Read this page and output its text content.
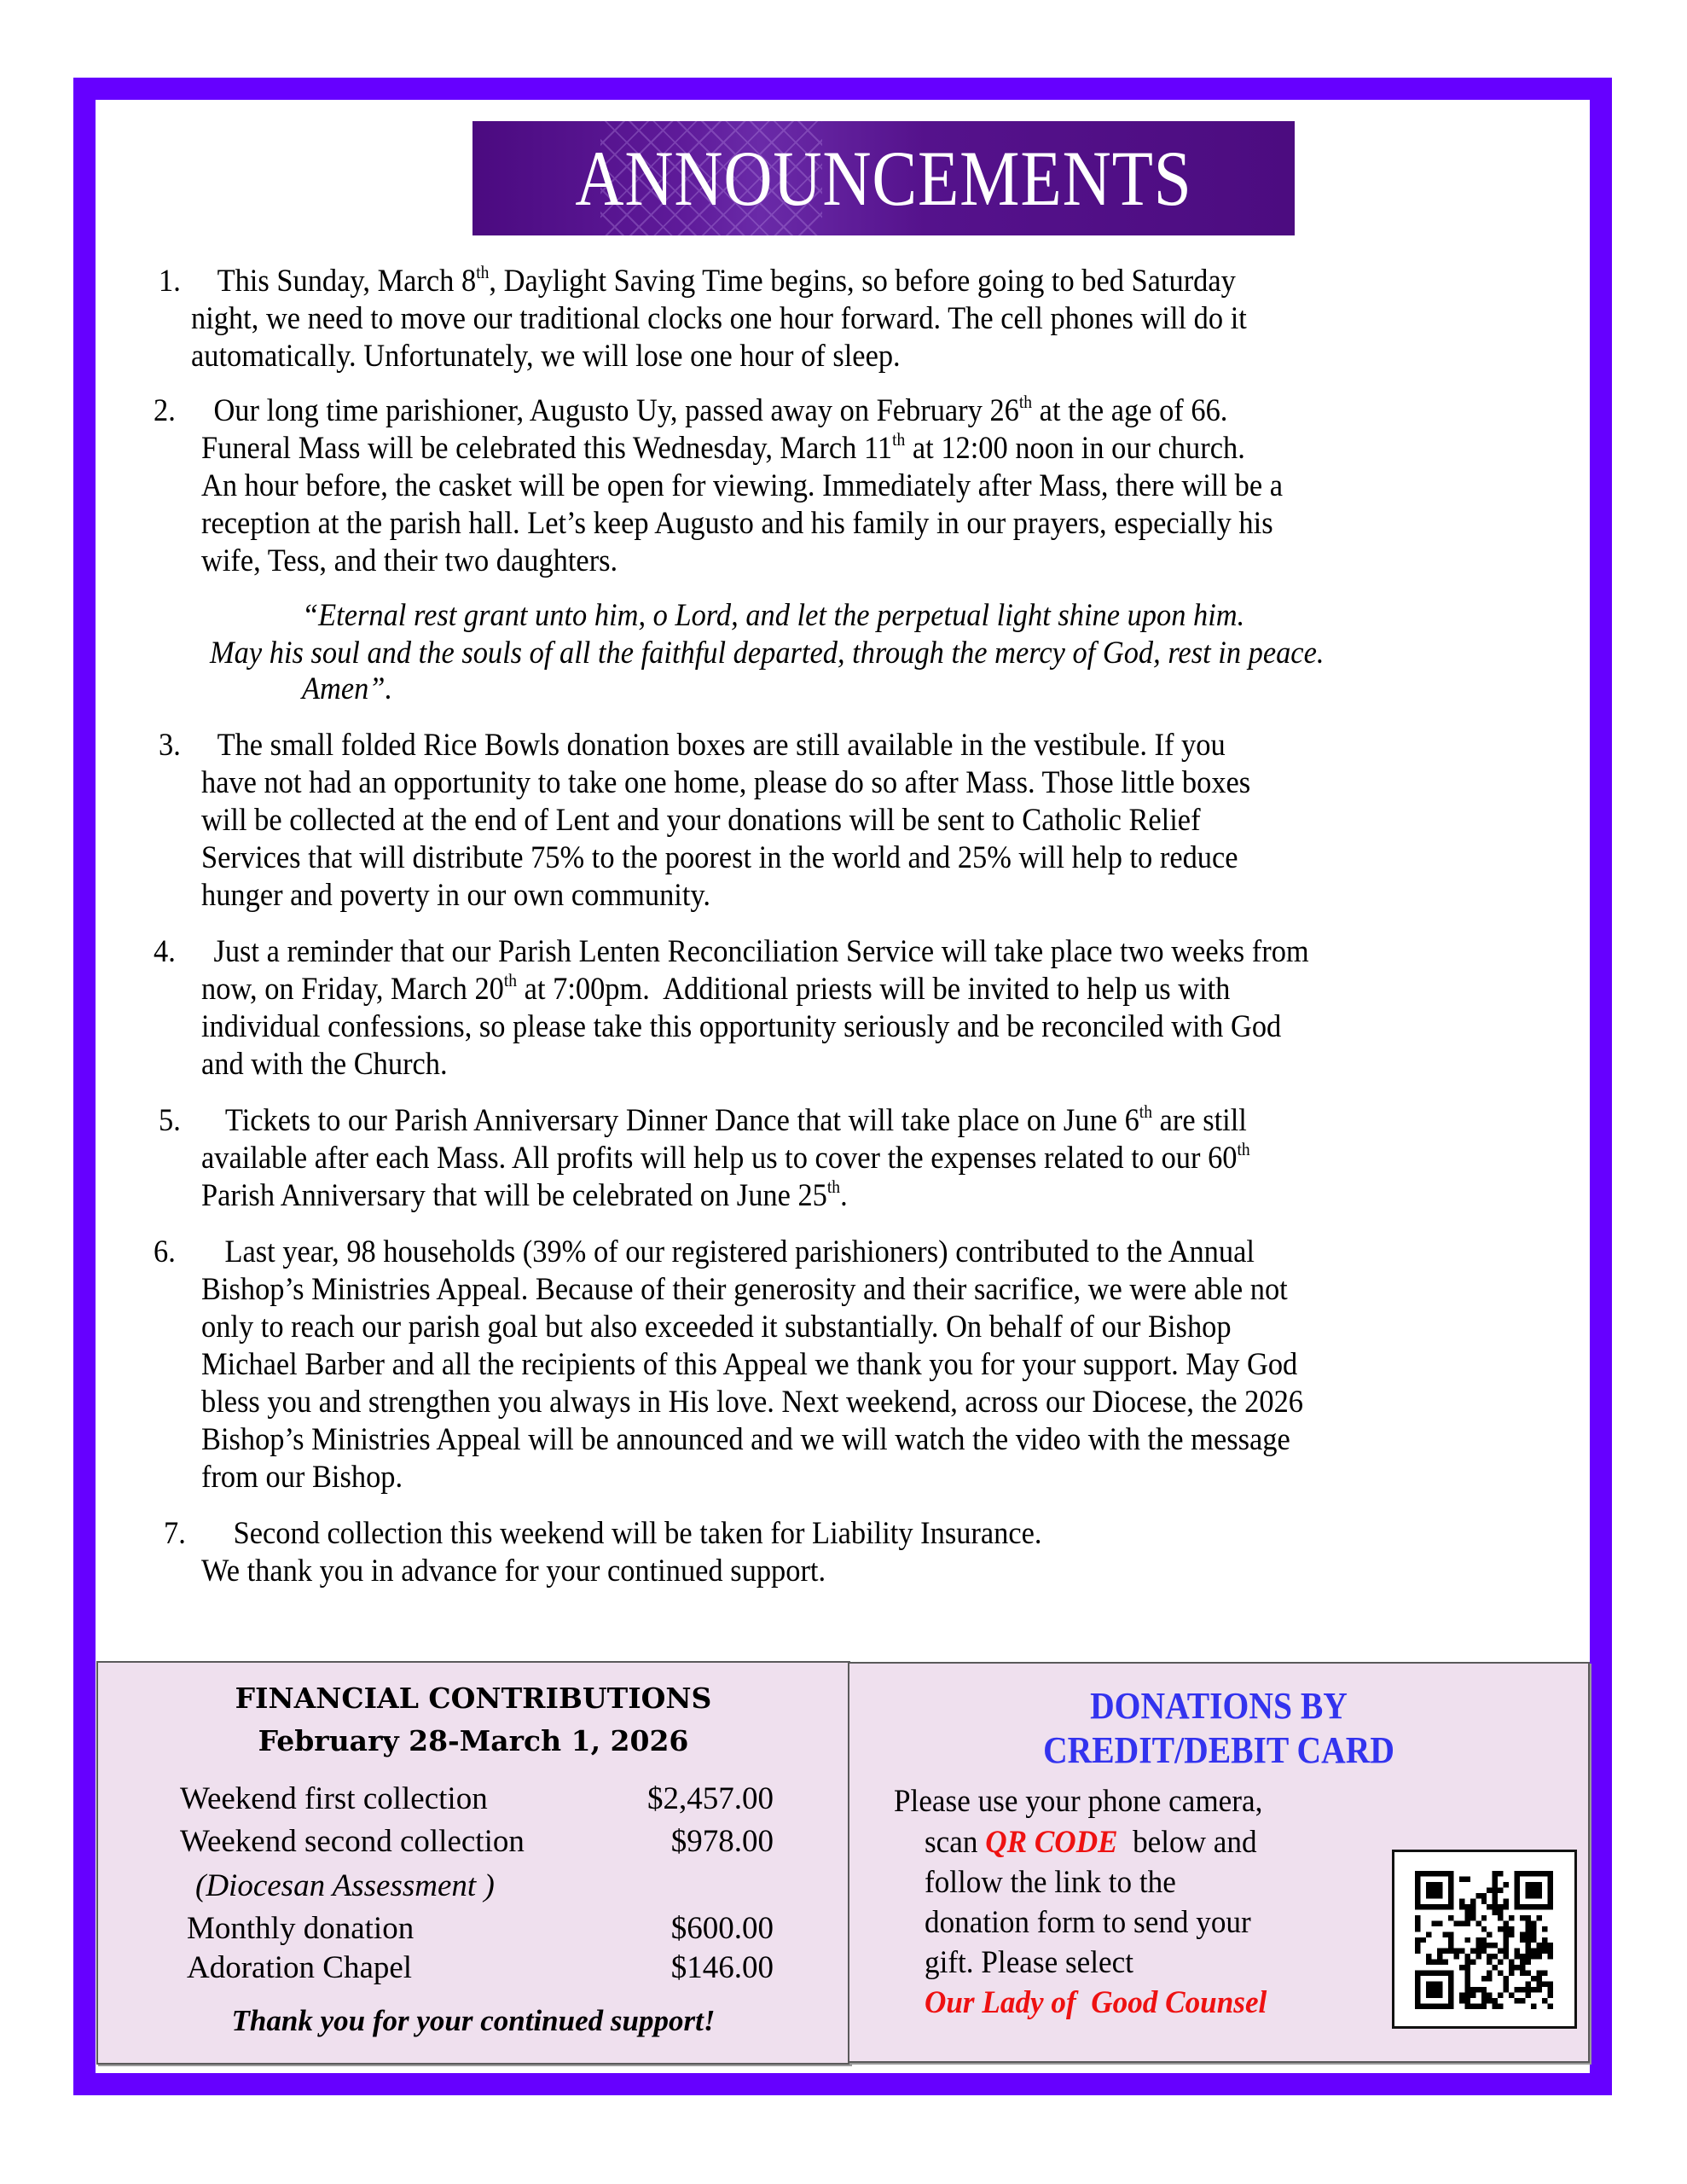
ANNOUNCEMENTS
1. This Sunday, March 8th, Daylight Saving Time begins, so before going to bed Saturday
night, we need to move our traditional clocks one hour forward. The cell phones will do it
automatically. Unfortunately, we will lose one hour of sleep.
2. Our long time parishioner, Augusto Uy, passed away on February 26th at the age of 66.
Funeral Mass will be celebrated this Wednesday, March 11th at 12:00 noon in our church.
An hour before, the casket will be open for viewing. Immediately after Mass, there will be a
reception at the parish hall. Let’s keep Augusto and his family in our prayers, especially his
wife, Tess, and their two daughters.
“Eternal rest grant unto him, o Lord, and let the perpetual light shine upon him.
May his soul and the souls of all the faithful departed, through the mercy of God, rest in peace.
Amen”.
3. The small folded Rice Bowls donation boxes are still available in the vestibule. If you
have not had an opportunity to take one home, please do so after Mass. Those little boxes
will be collected at the end of Lent and your donations will be sent to Catholic Relief
Services that will distribute 75% to the poorest in the world and 25% will help to reduce
hunger and poverty in our own community.
4. Just a reminder that our Parish Lenten Reconciliation Service will take place two weeks from
now, on Friday, March 20th at 7:00pm.  Additional priests will be invited to help us with
individual confessions, so please take this opportunity seriously and be reconciled with God
and with the Church.
5. Tickets to our Parish Anniversary Dinner Dance that will take place on June 6th are still
available after each Mass. All profits will help us to cover the expenses related to our 60th
Parish Anniversary that will be celebrated on June 25th.
6. Last year, 98 households (39% of our registered parishioners) contributed to the Annual
Bishop’s Ministries Appeal. Because of their generosity and their sacrifice, we were able not
only to reach our parish goal but also exceeded it substantially. On behalf of our Bishop
Michael Barber and all the recipients of this Appeal we thank you for your support. May God
bless you and strengthen you always in His love. Next weekend, across our Diocese, the 2026
Bishop’s Ministries Appeal will be announced and we will watch the video with the message
from our Bishop.
7. Second collection this weekend will be taken for Liability Insurance.
We thank you in advance for your continued support.
FINANCIAL CONTRIBUTIONS
February 28-March 1, 2026
Weekend first collection	$2,457.00
Weekend second collection	$978.00
(Diocesan Assessment )
Monthly donation	$600.00
Adoration Chapel	$146.00
Thank you for your continued support!
DONATIONS BY
CREDIT/DEBIT CARD
Please use your phone camera,
scan QR CODE  below and
follow the link to the
donation form to send your
gift. Please select
Our Lady of  Good Counsel
